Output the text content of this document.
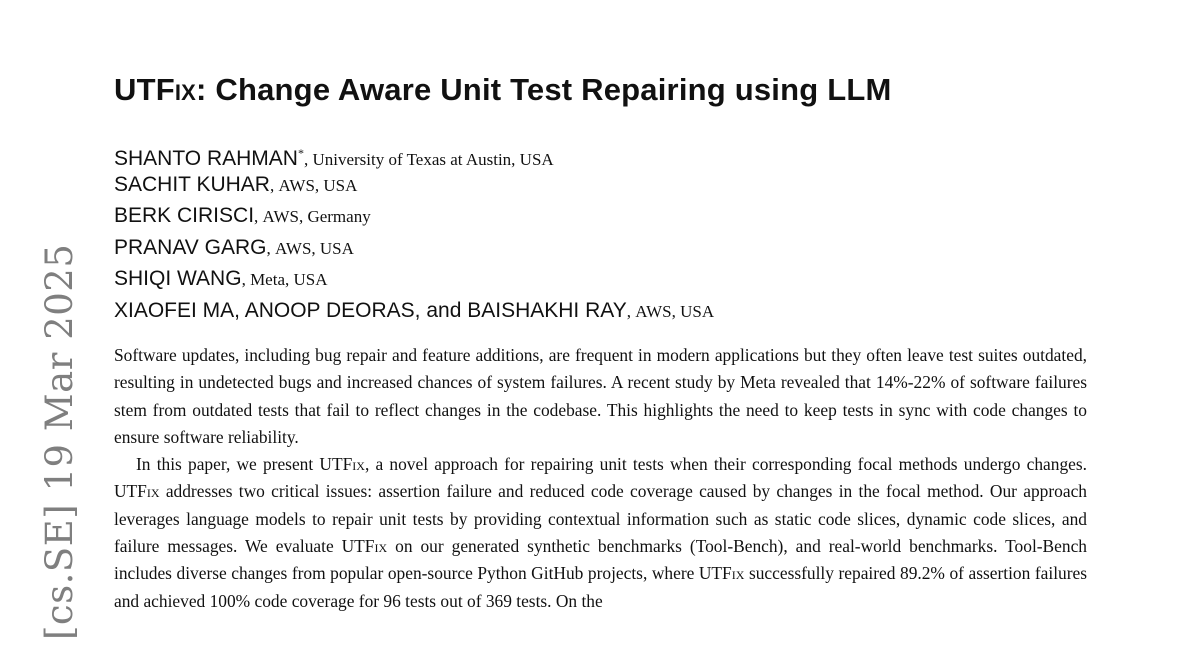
[cs.SE] 19 Mar 2025
UTFix: Change Aware Unit Test Repairing using LLM
SHANTO RAHMAN*, University of Texas at Austin, USA
SACHIT KUHAR, AWS, USA
BERK CIRISCI, AWS, Germany
PRANAV GARG, AWS, USA
SHIQI WANG, Meta, USA
XIAOFEI MA, ANOOP DEORAS, and BAISHAKHI RAY, AWS, USA

Software updates, including bug repair and feature additions, are frequent in modern applications but they often leave test suites outdated, resulting in undetected bugs and increased chances of system failures. A recent study by Meta revealed that 14%-22% of software failures stem from outdated tests that fail to reflect changes in the codebase. This highlights the need to keep tests in sync with code changes to ensure software reliability.

In this paper, we present UTFix, a novel approach for repairing unit tests when their corresponding focal methods undergo changes. UTFix addresses two critical issues: assertion failure and reduced code coverage caused by changes in the focal method. Our approach leverages language models to repair unit tests by providing contextual information such as static code slices, dynamic code slices, and failure messages. We evaluate UTFix on our generated synthetic benchmarks (Tool-Bench), and real-world benchmarks. Tool-Bench includes diverse changes from popular open-source Python GitHub projects, where UTFix successfully repaired 89.2% of assertion failures and achieved 100% code coverage for 96 tests out of 369 tests. On the
